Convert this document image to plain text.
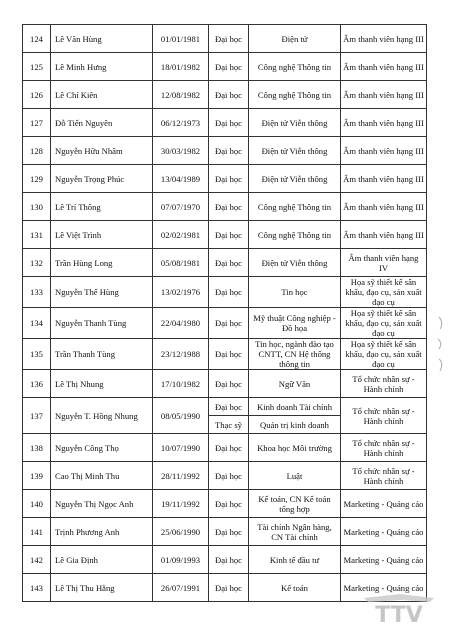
124	Lê Văn Hùng	01/01/1981	Đại học	Điện tử	Âm thanh viên hạng III
125	Lê Minh Hưng	18/01/1982	Đại học	Công nghệ Thông tin	Âm thanh viên hạng III
126	Lê Chí Kiên	12/08/1982	Đại học	Công nghệ Thông tin	Âm thanh viên hạng III
127	Đỗ Tiến Nguyên	06/12/1973	Đại học	Điện tử Viễn thông	Âm thanh viên hạng III
128	Nguyễn Hữu Nhâm	30/03/1982	Đại học	Điện tử Viễn thông	Âm thanh viên hạng III
129	Nguyễn Trọng Phúc	13/04/1989	Đại học	Điện tử Viễn thông	Âm thanh viên hạng III
130	Lê Trí Thông	07/07/1970	Đại học	Công nghệ Thông tin	Âm thanh viên hạng III
131	Lê Việt Trình	02/02/1981	Đại học	Công nghệ Thông tin	Âm thanh viên hạng III
132	Trần Hùng Long	05/08/1981	Đại học	Điện tử Viễn thông	Âm thanh viên hạng IV
133	Nguyễn Thế Hùng	13/02/1976	Đại học	Tin học	Họa sỹ thiết kế sân khấu, đạo cụ, sản xuất đạo cụ
134	Nguyễn Thanh Tùng	22/04/1980	Đại học	Mỹ thuật Công nghiệp - Đồ họa	Họa sỹ thiết kế sân khấu, đạo cụ, sản xuất đạo cụ
135	Trần Thanh Tùng	23/12/1988	Đại học	Tin học, ngành đào tạo CNTT, CN Hệ thống thông tin	Họa sỹ thiết kế sân khấu, đạo cụ, sản xuất đạo cụ
136	Lê Thị Nhung	17/10/1982	Đại học	Ngữ Văn	Tổ chức nhân sự - Hành chính
137	Nguyễn T. Hồng Nhung	08/05/1990	Đại học	Kinh doanh Tài chính	Tổ chức nhân sự - Hành chính
			Thạc sỹ	Quản trị kinh doanh	
138	Nguyễn Công Thọ	10/07/1990	Đại học	Khoa học Môi trường	Tổ chức nhân sự - Hành chính
139	Cao Thị Minh Thu	28/11/1992	Đại học	Luật	Tổ chức nhân sự - Hành chính
140	Nguyễn Thị Ngọc Anh	19/11/1992	Đại học	Kế toán, CN Kế toán tổng hợp	Marketing - Quảng cáo
141	Trịnh Phương Anh	25/06/1990	Đại học	Tài chính Ngân hàng, CN Tài chính	Marketing - Quảng cáo
142	Lê Gia Định	01/09/1993	Đại học	Kinh tế đầu tư	Marketing - Quảng cáo
143	Lê Thị Thu Hằng	26/07/1991	Đại học	Kế toán	Marketing - Quảng cáo
TTV
